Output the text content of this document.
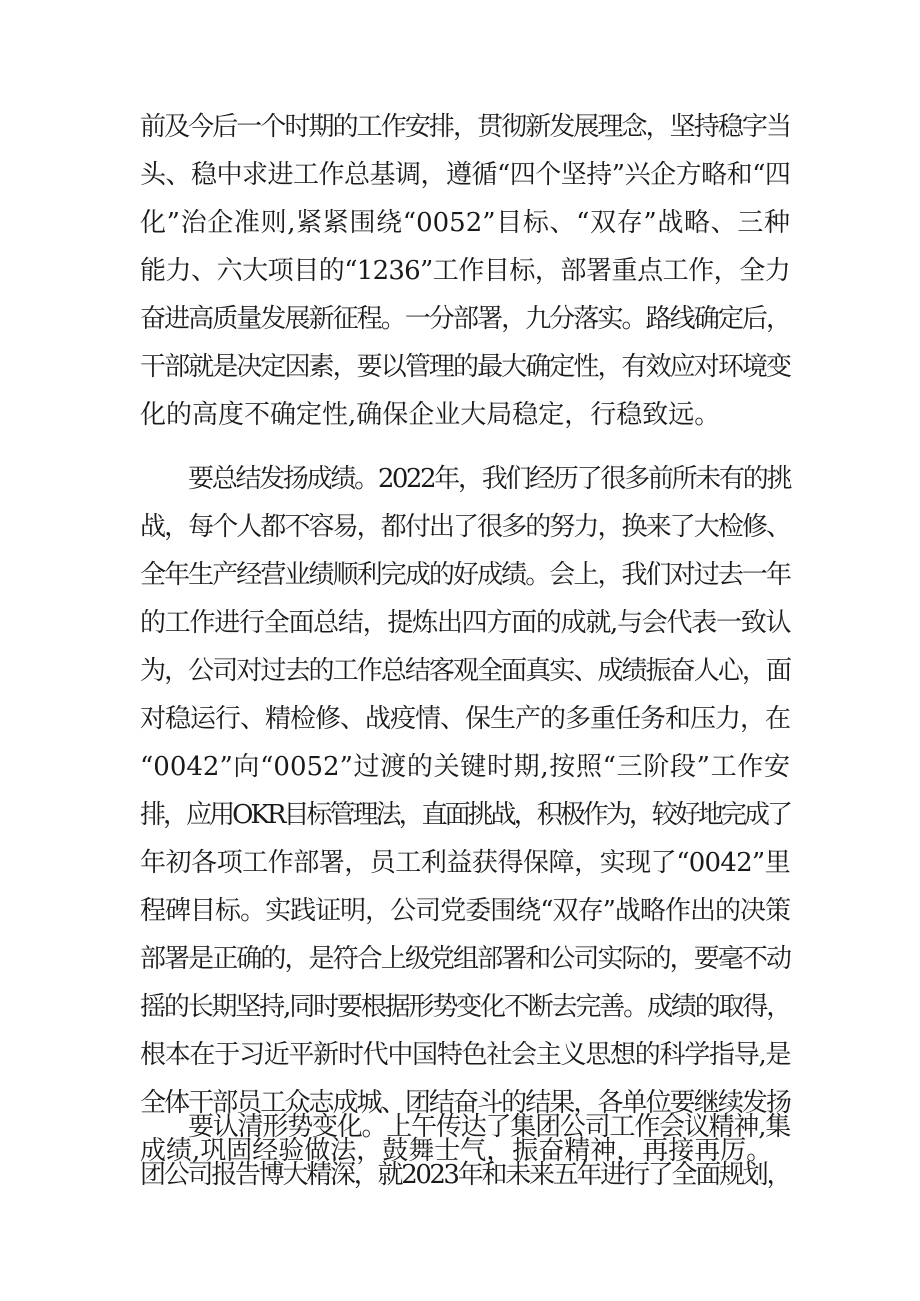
前及今后一个时期的工作安排，贯彻新发展理念，坚持稳字当
头、稳中求进工作总基调，遵循“四个坚持”兴企方略和“四
化”治企准则,紧紧围绕“0052”目标、“双存”战略、三种
能力、六大项目的“1236”工作目标，部署重点工作，全力
奋进高质量发展新征程。一分部署，九分落实。路线确定后，
干部就是决定因素，要以管理的最大确定性，有效应对环境变
化的高度不确定性,确保企业大局稳定，行稳致远。
要总结发扬成绩。2022年，我们经历了很多前所未有的挑
战，每个人都不容易，都付出了很多的努力，换来了大检修、
全年生产经营业绩顺利完成的好成绩。会上，我们对过去一年
的工作进行全面总结，提炼出四方面的成就,与会代表一致认
为，公司对过去的工作总结客观全面真实、成绩振奋人心，面
对稳运行、精检修、战疫情、保生产的多重任务和压力，在
“0042”向“0052”过渡的关键时期,按照“三阶段”工作安
排，应用OKR目标管理法，直面挑战，积极作为，较好地完成了
年初各项工作部署，员工利益获得保障，实现了“0042”里
程碑目标。实践证明，公司党委围绕“双存”战略作出的决策
部署是正确的，是符合上级党组部署和公司实际的，要毫不动
摇的长期坚持,同时要根据形势变化不断去完善。成绩的取得，
根本在于习近平新时代中国特色社会主义思想的科学指导,是
全体干部员工众志成城、团结奋斗的结果，各单位要继续发扬
成绩,巩固经验做法，鼓舞士气，振奋精神，再接再厉。
要认清形势变化。上午传达了集团公司工作会议精神,集
团公司报告博大精深，就2023年和未来五年进行了全面规划，
